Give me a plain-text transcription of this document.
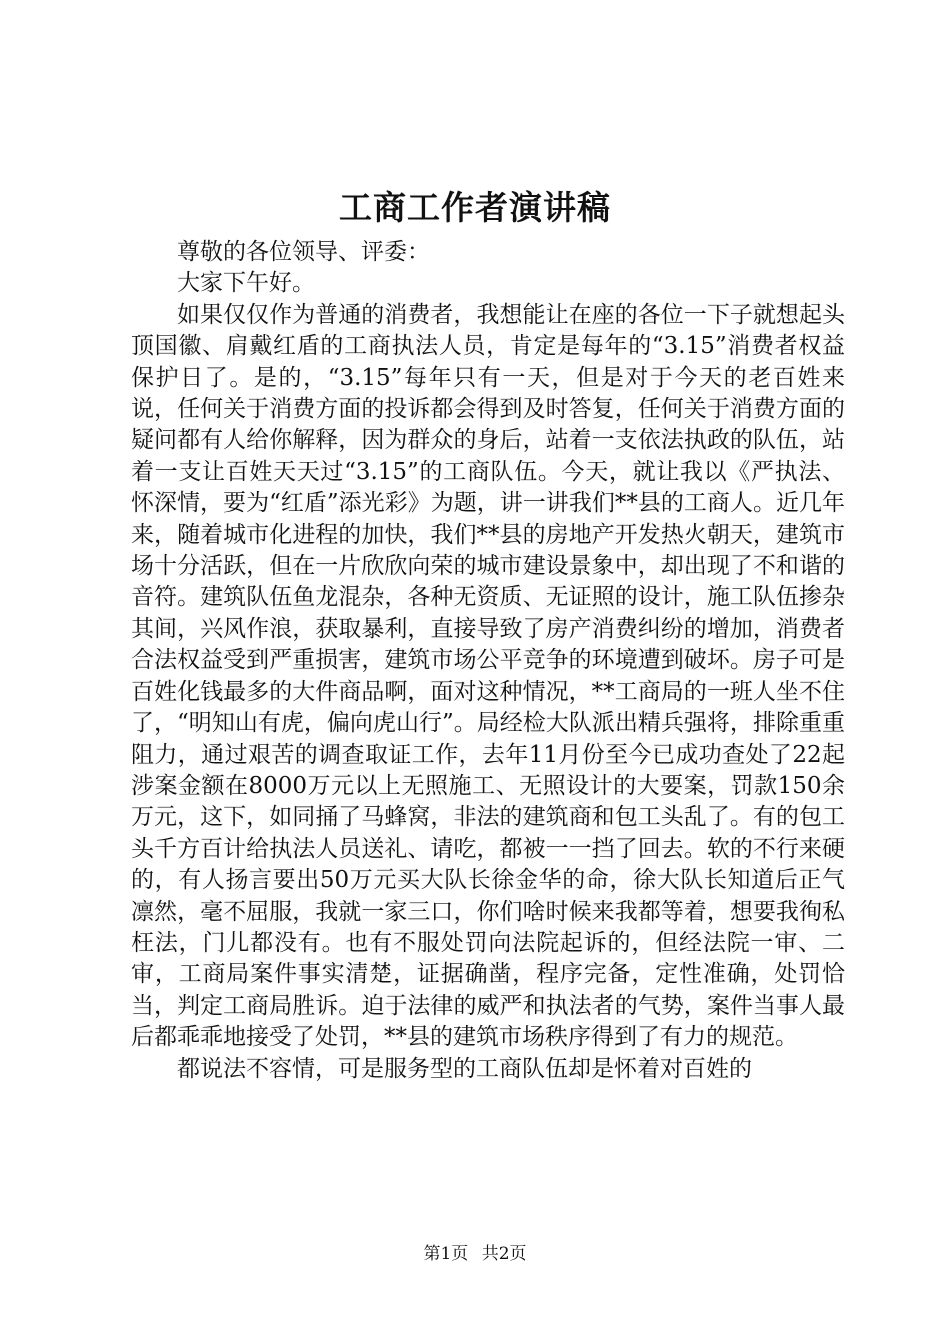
工商工作者演讲稿

尊敬的各位领导、评委：

大家下午好。

如果仅仅作为普通的消费者，我想能让在座的各位一下子就想起头顶国徽、肩戴红盾的工商执法人员，肯定是每年的“3.15”消费者权益保护日了。是的，“3.15”每年只有一天，但是对于今天的老百姓来说，任何关于消费方面的投诉都会得到及时答复，任何关于消费方面的疑问都有人给你解释，因为群众的身后，站着一支依法执政的队伍，站着一支让百姓天天过“3.15”的工商队伍。今天，就让我以《严执法、怀深情，要为“红盾”添光彩》为题，讲一讲我们**县的工商人。近几年来，随着城市化进程的加快，我们**县的房地产开发热火朝天，建筑市场十分活跃，但在一片欣欣向荣的城市建设景象中，却出现了不和谐的音符。建筑队伍鱼龙混杂，各种无资质、无证照的设计，施工队伍掺杂其间，兴风作浪，获取暴利，直接导致了房产消费纠纷的增加，消费者合法权益受到严重损害，建筑市场公平竞争的环境遭到破坏。房子可是百姓化钱最多的大件商品啊，面对这种情况，**工商局的一班人坐不住了，“明知山有虎，偏向虎山行”。局经检大队派出精兵强将，排除重重阻力，通过艰苦的调查取证工作，去年11月份至今已成功查处了22起涉案金额在8000万元以上无照施工、无照设计的大要案，罚款150余万元，这下，如同捅了马蜂窝，非法的建筑商和包工头乱了。有的包工头千方百计给执法人员送礼、请吃，都被一一挡了回去。软的不行来硬的，有人扬言要出50万元买大队长徐金华的命，徐大队长知道后正气凛然，毫不屈服，我就一家三口，你们啥时候来我都等着，想要我徇私枉法，门儿都没有。也有不服处罚向法院起诉的，但经法院一审、二审，工商局案件事实清楚，证据确凿，程序完备，定性准确，处罚恰当，判定工商局胜诉。迫于法律的威严和执法者的气势，案件当事人最后都乖乖地接受了处罚，**县的建筑市场秩序得到了有力的规范。

都说法不容情，可是服务型的工商队伍却是怀着对百姓的

第1页 共2页
